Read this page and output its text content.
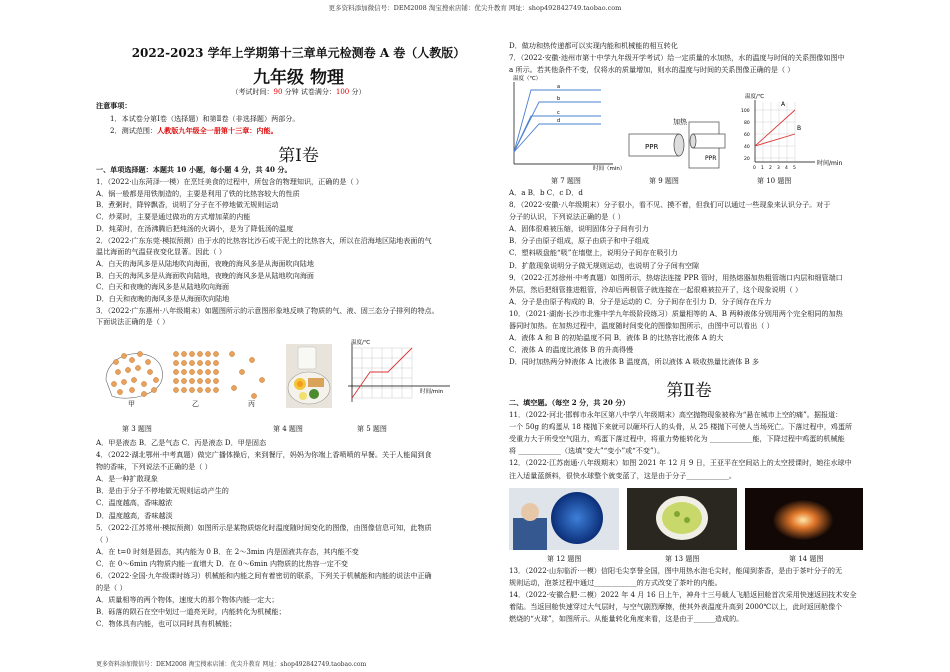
更多资料添加微信号：DEM2008 淘宝搜索店铺：优尖升教育 网址：shop492842749.taobao.com
2022-2023 学年上学期第十三章单元检测卷 A 卷（人教版）
九年级 物理
（考试时间：90 分钟 试卷满分：100 分）
注意事项：
1．本试卷分第Ⅰ卷（选择题）和第Ⅱ卷（非选择题）两部分。
2．测试范围：人教版九年级全一册第十三章：内能。
第Ⅰ卷
一、单项选择题：本题共 10 小题，每小题 4 分，共 40 分。
1．（2022·山东菏泽·一模）在烹饪美食的过程中，所包含的物理知识，正确的是（ ）
A．锅一般都是用铁制造的，主要是利用了铁的比热容较大的性质
B．煮粥时，降锌飘香，说明了分子在不停地做无规则运动
C．炒菜时，主要是通过做功的方式增加菜的内能
D．炖菜时，在汤沸腾后把炖汤的火调小，是为了降低汤的温度
2．（2022·广东东莞·模拟预测）由于水的比热容比沙石或干泥土的比热容大，所以在沿海地区陆地表面的气
温比海面的气温昼夜变化显著。因此（ ）
A．白天的海风多是从陆地吹向海面，夜晚的海风多是从海面吹向陆地
B．白天的海风多是从海面吹向陆地，夜晚的海风多是从陆地吹向海面
C．白天和夜晚的海风多是从陆地吹向海面
D．白天和夜晚的海风多是从海面吹向陆地
3．（2022·广东惠州·八年级期末）如题图所示的示意图形象地反映了物质的气、液、固三态分子排列的特点。
下面说法正确的是（ ）
甲	乙	丙
温度/℃
时间/min
第 3 题图	第 4 题图	第 5 题图
A．甲是液态 B．乙是气态 C．丙是液态 D．甲是固态
4．（2022·湖北鄂州·中考真题）做完广播体操后，来到餐厅，妈妈为你端上香喷喷的早餐。关于人能闻到食
物的香味，下列说法不正确的是（ ）
A．是一种扩散现象
B．是由于分子不停地做无规则运动产生的
C．温度越高，香味越浓
D．温度越高，香味越淡
5．（2022·江苏常州·模拟预测）如图所示是某物质熔化时温度随时间变化的图像，由图像信息可知，此物质
（ ）
A．在 t=0 时刻是固态，其内能为 0 B．在 2～3min 内是固液共存态，其内能不变
C．在 0～6min 内物质内能一直增大 D．在 0～6min 内物质的比热容一定不变
6．（2022·全国·九年级课时练习）机械能和内能之间有着密切的联系，下列关于机械能和内能的说法中正确
的是（ ）
A．质量相等的两个物体，速度大的那个物体内能一定大；
B．砾落的陨石在空中划过一道亮光时，内能转化为机械能；
C．物体具有内能，也可以同时具有机械能；
D．做功和热传递都可以实现内能和机械能的相互转化
7．（2022·安徽·池州市第十中学九年级开学考试）给一定质量的水加热，水的温度与时间的关系图像如图中
a 所示。若其他条件不变，仅将水的质量增加，则水的温度与时间的关系图像正确的是（ ）
温度（℃）
a
b
c
d
时间（min）
加热
PPR
PPR
温度/℃
A
B
100
80
60
40
20
0 1 2 3 4 5
时间/min
第 7 题图	第 9 题图	第 10 题图
A．a B．b C．c D．d
8．（2022·安徽·八年级期末）分子很小，看不见、摸不着，但我们可以通过一些现象来认识分子。对于
分子的认识，下列说法正确的是（ ）
A．固体很难被压缩，说明固体分子间有引力
B．分子由原子组成，原子由质子和中子组成
C．塑料吸盘能“吸”在墙壁上，说明分子间存在吸引力
D．扩散现象说明分子做无规则运动，也说明了分子间有空隙
9．（2022·江苏徐州·中考真题）如图所示，热熔法连接 PPR 管时，用热熔器加热粗管端口内层和细管端口
外层，然后把细管推进粗管，冷却后两根管子就连接在一起很难被拉开了，这个现象说明（ ）
A．分子是由原子构成的 B．分子是运动的 C．分子间存在引力 D．分子间存在斥力
10．（2021·湖南·长沙市北雅中学九年级阶段练习）质量相等的 A、B 两种液体分别用两个完全相同的加热
器同时加热。在加热过程中，温度随时间变化的图像如图所示，由图中可以看出（ ）
A．液体 A 和 B 的初始温度不同 B．液体 B 的比热容比液体 A 的大
C．液体 A 的温度比液体 B 的升高得慢
D．同时加热两分钟液体 A 比液体 B 温度高，所以液体 A 吸收热量比液体 B 多
第Ⅱ卷
二、填空题。（每空 2 分，共 20 分）
11．（2022·河北·邯郸市永年区第八中学八年级期末）高空抛物现象被称为“悬在城市上空的痛”。据报道：
一个 50g 的鸡蛋从 18 楼抛下来就可以砸坏行人的头骨，从 25 楼抛下可使人当场死亡。下落过程中，鸡蛋所
受重力大于所受空气阻力，鸡蛋下落过程中，将重力势能转化为 ____________能，下降过程中鸡蛋的机械能
将 ____________（选填“变大”“变小”或“不变”）。
12．（2022·江苏南通·八年级期末）如图 2021 年 12 月 9 日，王亚平在空间站上的太空授课时，她往水球中
注入适量蓝颜料，很快水球整个就变蓝了，这是由于分子____________。
第 12 题图	第 13 题图	第 14 题图
13．（2022·山东临沂·一模）信阳毛尖享誉全国，图中用热水泡毛尖时，能闻到茶香，是由于茶叶分子的无
规则运动，泡茶过程中通过____________的方式改变了茶叶的内能。
14．（2022·安徽合肥·二模）2022 年 4 月 16 日上午，神舟十三号载人飞船返回舱首次采用快速返回技术安全
着陆。当返回舱快速穿过大气层时，与空气剧烈摩擦，使其外表温度升高到 2000℃以上，此时返回舱像个
燃烧的“火球”，如图所示。从能量转化角度来看，这是由于______造成的。
更多资料添加微信号：DEM2008 淘宝搜索店铺：优尖升教育 网址：shop492842749.taobao.com
